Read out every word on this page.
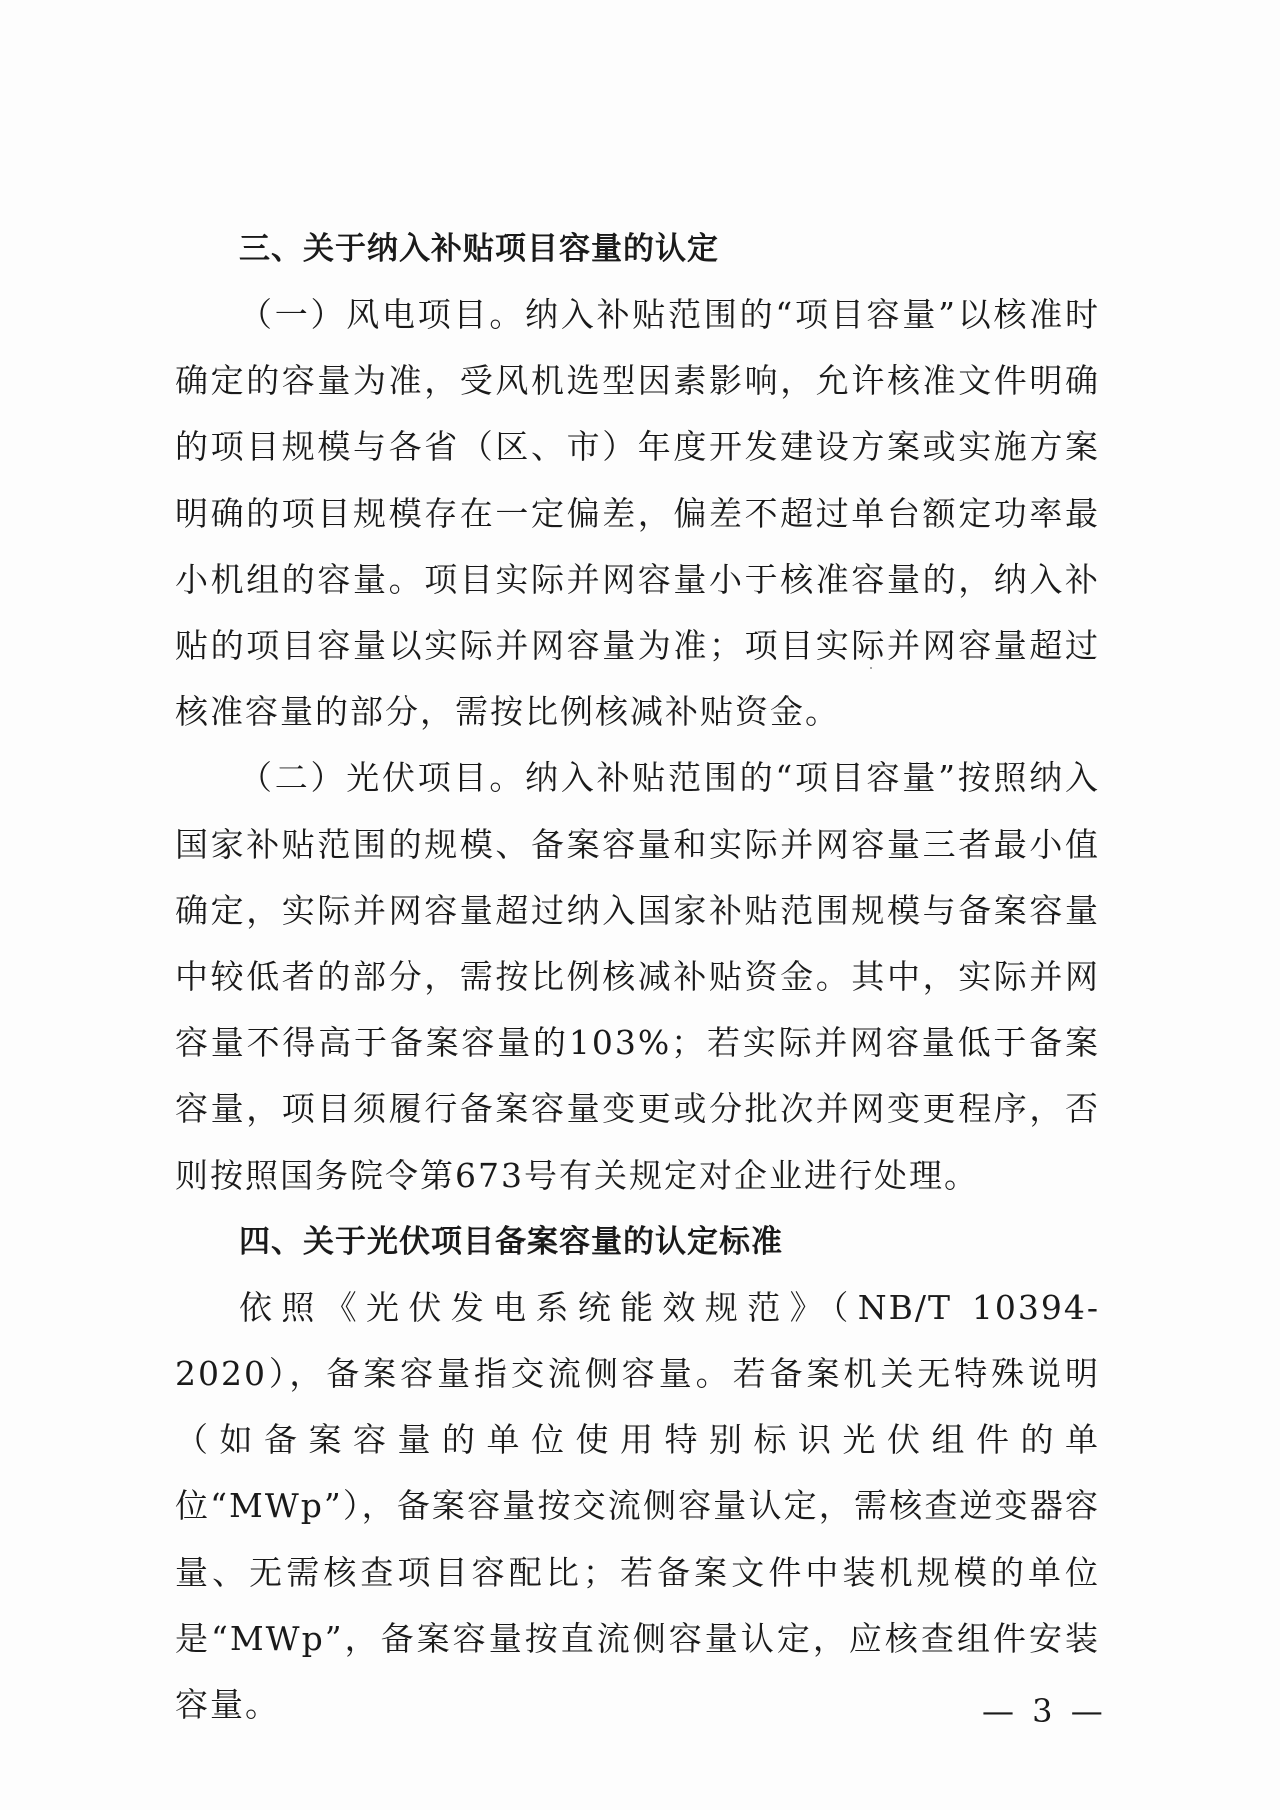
三、关于纳入补贴项目容量的认定

（一）风电项目。纳入补贴范围的“项目容量”以核准时确定的容量为准，受风机选型因素影响，允许核准文件明确的项目规模与各省（区、市）年度开发建设方案或实施方案明确的项目规模存在一定偏差，偏差不超过单台额定功率最小机组的容量。项目实际并网容量小于核准容量的，纳入补贴的项目容量以实际并网容量为准；项目实际并网容量超过核准容量的部分，需按比例核减补贴资金。

（二）光伏项目。纳入补贴范围的“项目容量”按照纳入国家补贴范围的规模、备案容量和实际并网容量三者最小值确定，实际并网容量超过纳入国家补贴范围规模与备案容量中较低者的部分，需按比例核减补贴资金。其中，实际并网容量不得高于备案容量的103%；若实际并网容量低于备案容量，项目须履行备案容量变更或分批次并网变更程序，否则按照国务院令第673号有关规定对企业进行处理。

四、关于光伏项目备案容量的认定标准

依照《光伏发电系统能效规范》（NB/T 10394-2020），备案容量指交流侧容量。若备案机关无特殊说明（如备案容量的单位使用特别标识光伏组件的单位“MWp”），备案容量按交流侧容量认定，需核查逆变器容量、无需核查项目容配比；若备案文件中装机规模的单位是“MWp”，备案容量按直流侧容量认定，应核查组件安装容量。	— 3 —
